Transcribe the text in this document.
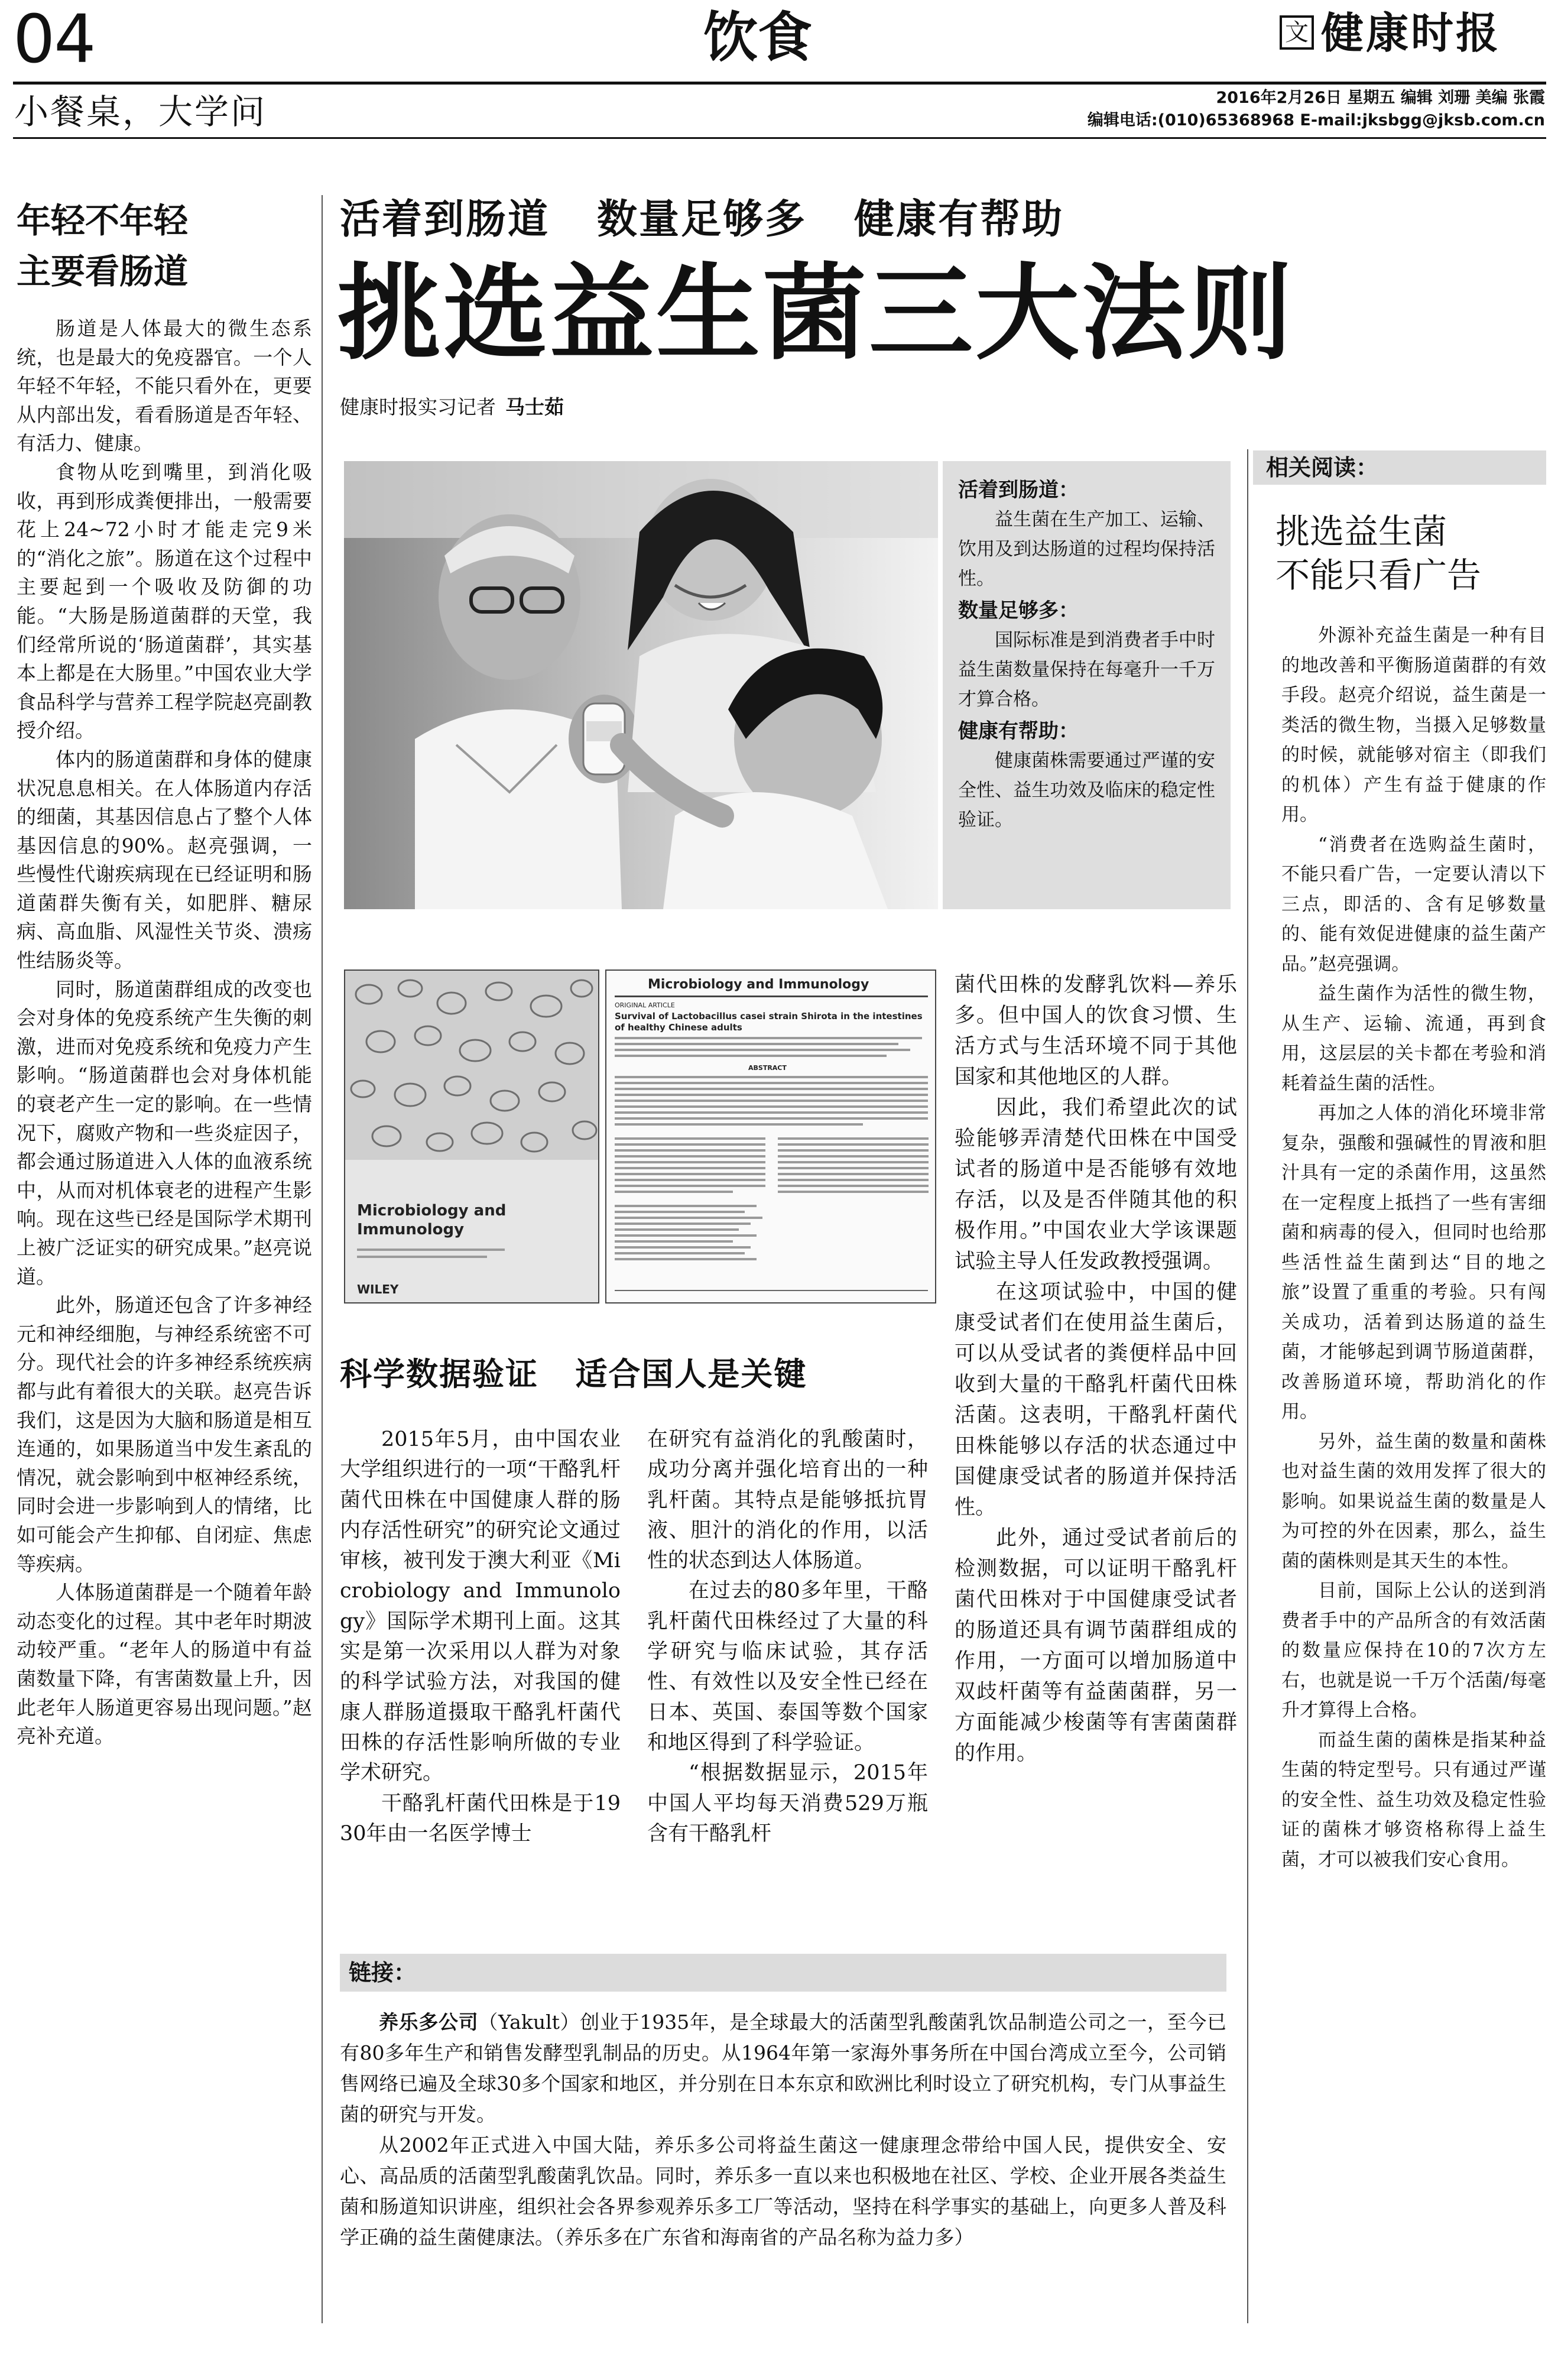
04	饮食	文 健康时报
小餐桌，大学问	2016年2月26日 星期五 编辑 刘珊 美编 张霞
编辑电话:(010)65368968 E-mail:jksbgg@jksb.com.cn
年轻不年轻
主要看肠道

肠道是人体最大的微生态系统，也是最大的免疫器官。一个人年轻不年轻，不能只看外在，更要从内部出发，看看肠道是否年轻、有活力、健康。

食物从吃到嘴里，到消化吸收，再到形成粪便排出，一般需要花上24~72小时才能走完9米的“消化之旅”。肠道在这个过程中主要起到一个吸收及防御的功能。“大肠是肠道菌群的天堂，我们经常所说的‘肠道菌群’，其实基本上都是在大肠里。”中国农业大学食品科学与营养工程学院赵亮副教授介绍。

体内的肠道菌群和身体的健康状况息息相关。在人体肠道内存活的细菌，其基因信息占了整个人体基因信息的90%。赵亮强调，一些慢性代谢疾病现在已经证明和肠道菌群失衡有关，如肥胖、糖尿病、高血脂、风湿性关节炎、溃疡性结肠炎等。

同时，肠道菌群组成的改变也会对身体的免疫系统产生失衡的刺激，进而对免疫系统和免疫力产生影响。“肠道菌群也会对身体机能的衰老产生一定的影响。在一些情况下，腐败产物和一些炎症因子，都会通过肠道进入人体的血液系统中，从而对机体衰老的进程产生影响。现在这些已经是国际学术期刊上被广泛证实的研究成果。”赵亮说道。

此外，肠道还包含了许多神经元和神经细胞，与神经系统密不可分。现代社会的许多神经系统疾病都与此有着很大的关联。赵亮告诉我们，这是因为大脑和肠道是相互连通的，如果肠道当中发生紊乱的情况，就会影响到中枢神经系统，同时会进一步影响到人的情绪，比如可能会产生抑郁、自闭症、焦虑等疾病。

人体肠道菌群是一个随着年龄动态变化的过程。其中老年时期波动较严重。“老年人的肠道中有益菌数量下降，有害菌数量上升，因此老年人肠道更容易出现问题。”赵亮补充道。

活着到肠道   数量足够多   健康有帮助
挑选益生菌三大法则
健康时报实习记者 马士茹
活着到肠道：
益生菌在生产加工、运输、饮用及到达肠道的过程均保持活性。
数量足够多：
国际标准是到消费者手中时益生菌数量保持在每毫升一千万才算合格。
健康有帮助：
健康菌株需要通过严谨的安全性、益生功效及临床的稳定性验证。
Microbiology and Immunology
WILEY
Microbiology and Immunology
ORIGINAL ARTICLE
Survival of Lactobacillus casei strain Shirota in the intestines of healthy Chinese adults
ABSTRACT

菌代田株的发酵乳饮料—养乐多。但中国人的饮食习惯、生活方式与生活环境不同于其他国家和其他地区的人群。

因此，我们希望此次的试验能够弄清楚代田株在中国受试者的肠道中是否能够有效地存活，以及是否伴随其他的积极作用。”中国农业大学该课题试验主导人任发政教授强调。

在这项试验中，中国的健康受试者们在使用益生菌后，可以从受试者的粪便样品中回收到大量的干酪乳杆菌代田株活菌。这表明，干酪乳杆菌代田株能够以存活的状态通过中国健康受试者的肠道并保持活性。

此外，通过受试者前后的检测数据，可以证明干酪乳杆菌代田株对于中国健康受试者的肠道还具有调节菌群组成的作用，一方面可以增加肠道中双歧杆菌等有益菌菌群，另一方面能减少梭菌等有害菌菌群的作用。

科学数据验证   适合国人是关键

2015年5月，由中国农业大学组织进行的一项“干酪乳杆菌代田株在中国健康人群的肠内存活性研究”的研究论文通过审核，被刊发于澳大利亚《Microbiology and Immunology》国际学术期刊上面。这其实是第一次采用以人群为对象的科学试验方法，对我国的健康人群肠道摄取干酪乳杆菌代田株的存活性影响所做的专业学术研究。

干酪乳杆菌代田株是于1930年由一名医学博士

在研究有益消化的乳酸菌时，成功分离并强化培育出的一种乳杆菌。其特点是能够抵抗胃液、胆汁的消化的作用，以活性的状态到达人体肠道。

在过去的80多年里，干酪乳杆菌代田株经过了大量的科学研究与临床试验，其存活性、有效性以及安全性已经在日本、英国、泰国等数个国家和地区得到了科学验证。

“根据数据显示，2015年中国人平均每天消费529万瓶含有干酪乳杆

链接：

养乐多公司（Yakult）创业于1935年，是全球最大的活菌型乳酸菌乳饮品制造公司之一，至今已有80多年生产和销售发酵型乳制品的历史。从1964年第一家海外事务所在中国台湾成立至今，公司销售网络已遍及全球30多个国家和地区，并分别在日本东京和欧洲比利时设立了研究机构，专门从事益生菌的研究与开发。

从2002年正式进入中国大陆，养乐多公司将益生菌这一健康理念带给中国人民，提供安全、安心、高品质的活菌型乳酸菌乳饮品。同时，养乐多一直以来也积极地在社区、学校、企业开展各类益生菌和肠道知识讲座，组织社会各界参观养乐多工厂等活动，坚持在科学事实的基础上，向更多人普及科学正确的益生菌健康法。（养乐多在广东省和海南省的产品名称为益力多）

相关阅读：
挑选益生菌
不能只看广告

外源补充益生菌是一种有目的地改善和平衡肠道菌群的有效手段。赵亮介绍说，益生菌是一类活的微生物，当摄入足够数量的时候，就能够对宿主（即我们的机体）产生有益于健康的作用。

“消费者在选购益生菌时，不能只看广告，一定要认清以下三点，即活的、含有足够数量的、能有效促进健康的益生菌产品。”赵亮强调。

益生菌作为活性的微生物，从生产、运输、流通，再到食用，这层层的关卡都在考验和消耗着益生菌的活性。

再加之人体的消化环境非常复杂，强酸和强碱性的胃液和胆汁具有一定的杀菌作用，这虽然在一定程度上抵挡了一些有害细菌和病毒的侵入，但同时也给那些活性益生菌到达“目的地之旅”设置了重重的考验。只有闯关成功，活着到达肠道的益生菌，才能够起到调节肠道菌群，改善肠道环境，帮助消化的作用。

另外，益生菌的数量和菌株也对益生菌的效用发挥了很大的影响。如果说益生菌的数量是人为可控的外在因素，那么，益生菌的菌株则是其天生的本性。

目前，国际上公认的送到消费者手中的产品所含的有效活菌的数量应保持在10的7次方左右，也就是说一千万个活菌/每毫升才算得上合格。

而益生菌的菌株是指某种益生菌的特定型号。只有通过严谨的安全性、益生功效及稳定性验证的菌株才够资格称得上益生菌，才可以被我们安心食用。
